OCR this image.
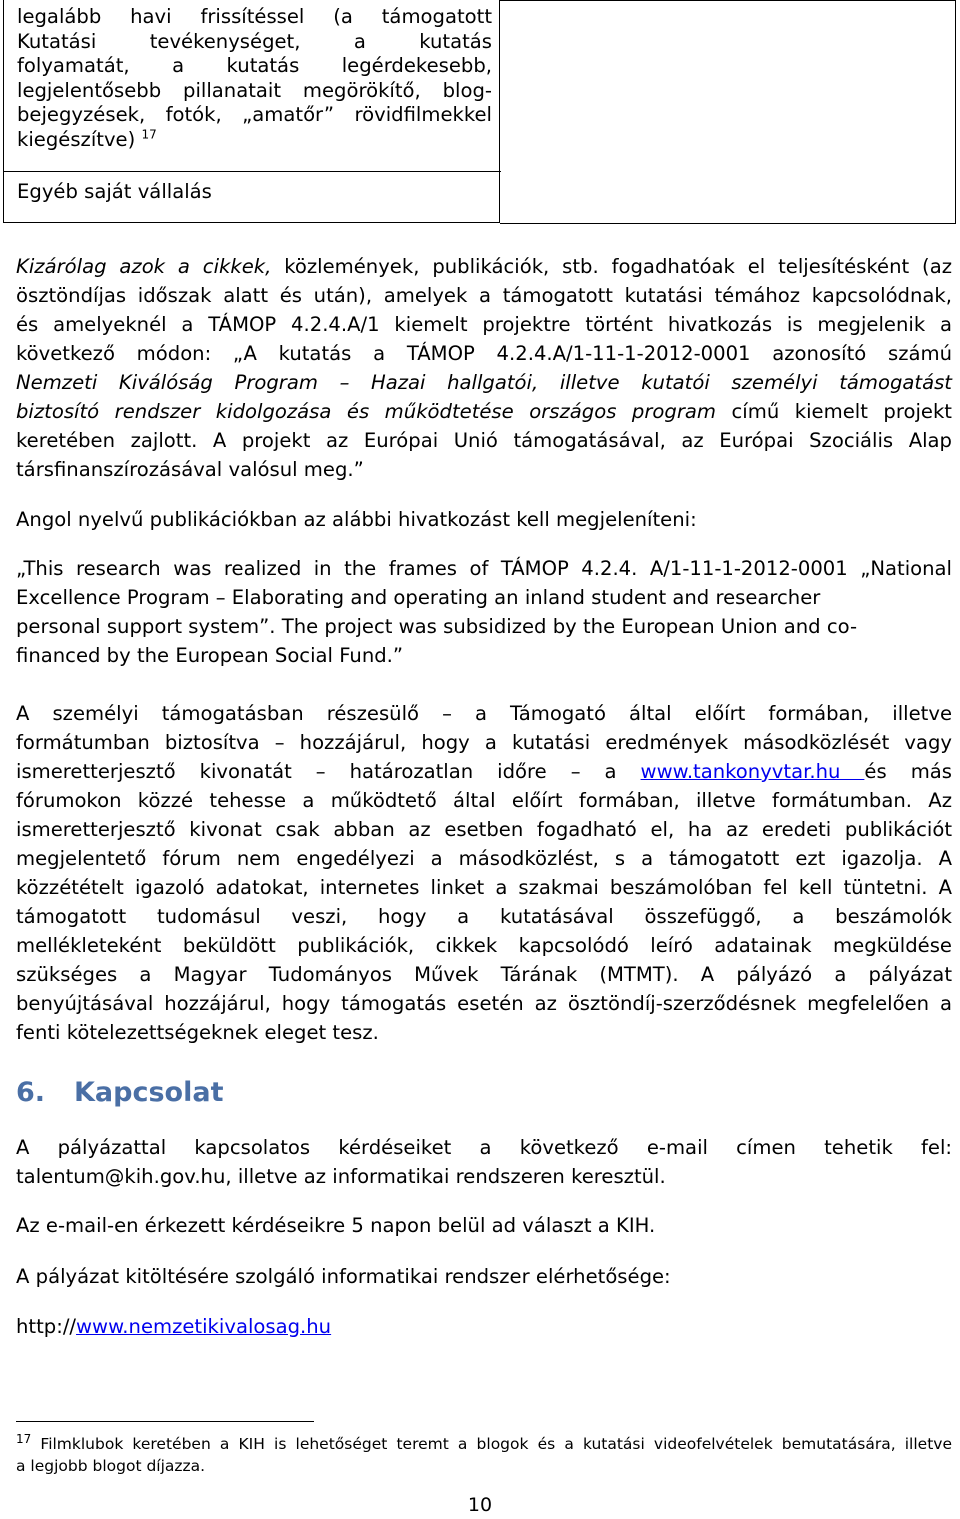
legalább havi frissítéssel (a támogatott
Kutatási tevékenységet, a kutatás
folyamatát, a kutatás legérdekesebb,
legjelentősebb pillanatait megörökítő, blog-
bejegyzések, fotók, „amatőr” rövidfilmekkel
kiegészítve) $^{17}$
Egyéb saját vállalás
Kizárólag azok a cikkek, közlemények, publikációk, stb. fogadhatóak el teljesítésként (az
ösztöndíjas időszak alatt és után), amelyek a támogatott kutatási témához kapcsolódnak,
és amelyeknél a TÁMOP 4.2.4.A/1 kiemelt projektre történt hivatkozás is megjelenik a
következő módon: „A kutatás a TÁMOP 4.2.4.A/1-11-1-2012-0001 azonosító számú
Nemzeti Kiválóság Program – Hazai hallgatói, illetve kutatói személyi támogatást
biztosító rendszer kidolgozása és működtetése országos program című kiemelt projekt
keretében zajlott. A projekt az Európai Unió támogatásával, az Európai Szociális Alap
társfinanszírozásával valósul meg.”
Angol nyelvű publikációkban az alábbi hivatkozást kell megjeleníteni:
„This research was realized in the frames of TÁMOP 4.2.4. A/1-11-1-2012-0001 „National
Excellence Program – Elaborating and operating an inland student and researcher
personal support system”. The project was subsidized by the European Union and co-
financed by the European Social Fund.”
A személyi támogatásban részesülő – a Támogató által előírt formában, illetve
formátumban biztosítva – hozzájárul, hogy a kutatási eredmények másodközlését vagy
ismeretterjesztő kivonatát – határozatlan időre – a www.tankonyvtar.hu és más
fórumokon közzé tehesse a működtető által előírt formában, illetve formátumban. Az
ismeretterjesztő kivonat csak abban az esetben fogadható el, ha az eredeti publikációt
megjelentető fórum nem engedélyezi a másodközlést, s a támogatott ezt igazolja. A
közzétételt igazoló adatokat, internetes linket a szakmai beszámolóban fel kell tüntetni. A
támogatott tudomásul veszi, hogy a kutatásával összefüggő, a beszámolók
mellékleteként beküldött publikációk, cikkek kapcsolódó leíró adatainak megküldése
szükséges a Magyar Tudományos Művek Tárának (MTMT). A pályázó a pályázat
benyújtásával hozzájárul, hogy támogatás esetén az ösztöndíj-szerződésnek megfelelően a
fenti kötelezettségeknek eleget tesz.
6. Kapcsolat
A pályázattal kapcsolatos kérdéseiket a következő e-mail címen tehetik fel:
talentum@kih.gov.hu, illetve az informatikai rendszeren keresztül.
Az e-mail-en érkezett kérdéseikre 5 napon belül ad választ a KIH.
A pályázat kitöltésére szolgáló informatikai rendszer elérhetősége:
http://www.nemzetikivalosag.hu
$^{17}$ Filmklubok keretében a KIH is lehetőséget teremt a blogok és a kutatási videofelvételek bemutatására, illetve
a legjobb blogot díjazza.
10
